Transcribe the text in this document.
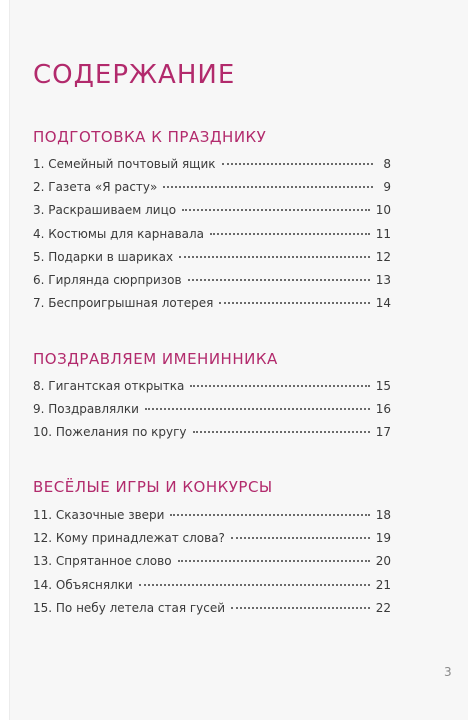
СОДЕРЖАНИЕ
ПОДГОТОВКА К ПРАЗДНИКУ
1. Семейный почтовый ящик	8
2. Газета «Я расту»	9
3. Раскрашиваем лицо	10
4. Костюмы для карнавала	11
5. Подарки в шариках	12
6. Гирлянда сюрпризов	13
7. Беспроигрышная лотерея	14
ПОЗДРАВЛЯЕМ ИМЕНИННИКА
8. Гигантская открытка	15
9. Поздравлялки	16
10. Пожелания по кругу	17
ВЕСЁЛЫЕ ИГРЫ И КОНКУРСЫ
11. Сказочные звери	18
12. Кому принадлежат слова?	19
13. Спрятанное слово	20
14. Объяснялки	21
15. По небу летела стая гусей	22
3
